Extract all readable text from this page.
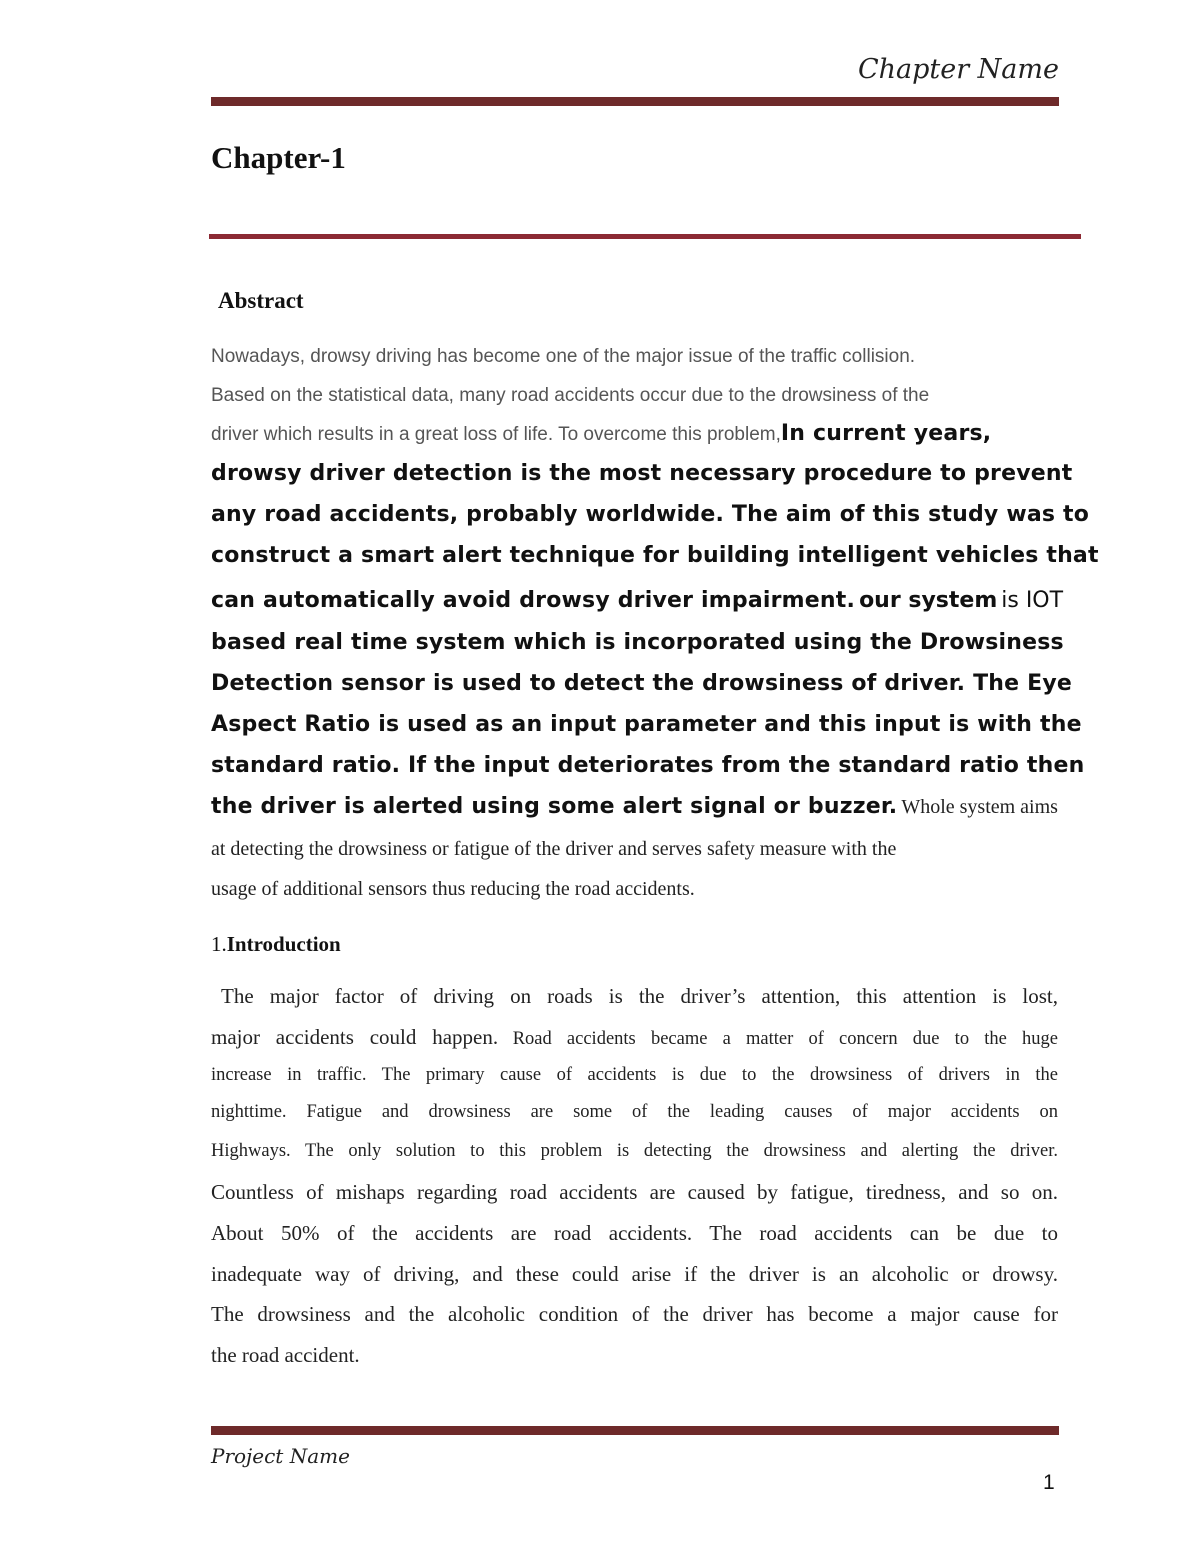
Chapter Name
Chapter-1
Abstract
Nowadays, drowsy driving has become one of the major issue of the traffic collision.
Based on the statistical data, many road accidents occur due to the drowsiness of the
driver which results in a great loss of life. To overcome this problem,In current years,
drowsy driver detection is the most necessary procedure to prevent
any road accidents, probably worldwide. The aim of this study was to
construct a smart alert technique for building intelligent vehicles that
can automatically avoid drowsy driver impairment. our system is IOT
based real time system which is incorporated using the Drowsiness
Detection sensor is used to detect the drowsiness of driver. The Eye
Aspect Ratio is used as an input parameter and this input is with the
standard ratio. If the input deteriorates from the standard ratio then
the driver is alerted using some alert signal or buzzer. Whole system aims
at detecting the drowsiness or fatigue of the driver and serves safety measure with the
usage of additional sensors thus reducing the road accidents.
1.Introduction
The major factor of driving on roads is the driver’s attention, this attention is lost,
major accidents could happen. Road accidents became a matter of concern due to the huge
increase in traffic. The primary cause of accidents is due to the drowsiness of drivers in the
nighttime. Fatigue and drowsiness are some of the leading causes of major accidents on
Highways. The only solution to this problem is detecting the drowsiness and alerting the driver.
Countless of mishaps regarding road accidents are caused by fatigue, tiredness, and so on.
About 50% of the accidents are road accidents. The road accidents can be due to
inadequate way of driving, and these could arise if the driver is an alcoholic or drowsy.
The drowsiness and the alcoholic condition of the driver has become a major cause for
the road accident.
Project Name
1
